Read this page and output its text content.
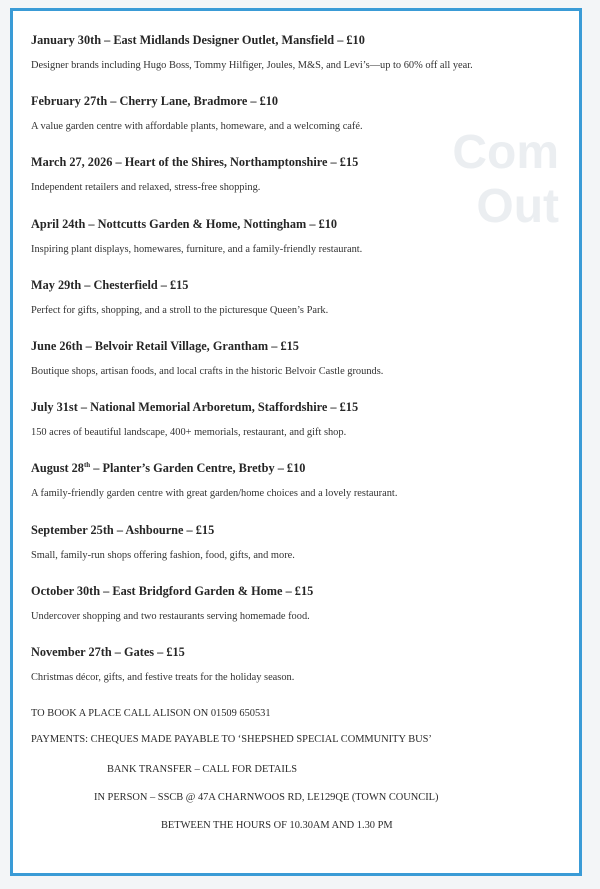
Com
Out
January 30th – East Midlands Designer Outlet, Mansfield – £10
Designer brands including Hugo Boss, Tommy Hilfiger, Joules, M&S, and Levi’s—up to 60% off all year.
February 27th – Cherry Lane, Bradmore – £10
A value garden centre with affordable plants, homeware, and a welcoming café.
March 27, 2026 – Heart of the Shires, Northamptonshire – £15
Independent retailers and relaxed, stress-free shopping.
April 24th – Nottcutts Garden & Home, Nottingham – £10
Inspiring plant displays, homewares, furniture, and a family-friendly restaurant.
May 29th – Chesterfield – £15
Perfect for gifts, shopping, and a stroll to the picturesque Queen’s Park.
June 26th – Belvoir Retail Village, Grantham – £15
Boutique shops, artisan foods, and local crafts in the historic Belvoir Castle grounds.
July 31st – National Memorial Arboretum, Staffordshire – £15
150 acres of beautiful landscape, 400+ memorials, restaurant, and gift shop.
August 28th – Planter’s Garden Centre, Bretby – £10
A family-friendly garden centre with great garden/home choices and a lovely restaurant.
September 25th – Ashbourne – £15
Small, family-run shops offering fashion, food, gifts, and more.
October 30th – East Bridgford Garden & Home – £15
Undercover shopping and two restaurants serving homemade food.
November 27th – Gates – £15
Christmas décor, gifts, and festive treats for the holiday season.
TO BOOK A PLACE CALL ALISON ON 01509 650531
PAYMENTS: CHEQUES MADE PAYABLE TO ‘SHEPSHED SPECIAL COMMUNITY BUS’
BANK TRANSFER – CALL FOR DETAILS
IN PERSON – SSCB @ 47A CHARNWOOS RD, LE129QE (TOWN COUNCIL)
BETWEEN THE HOURS OF 10.30AM AND 1.30 PM
